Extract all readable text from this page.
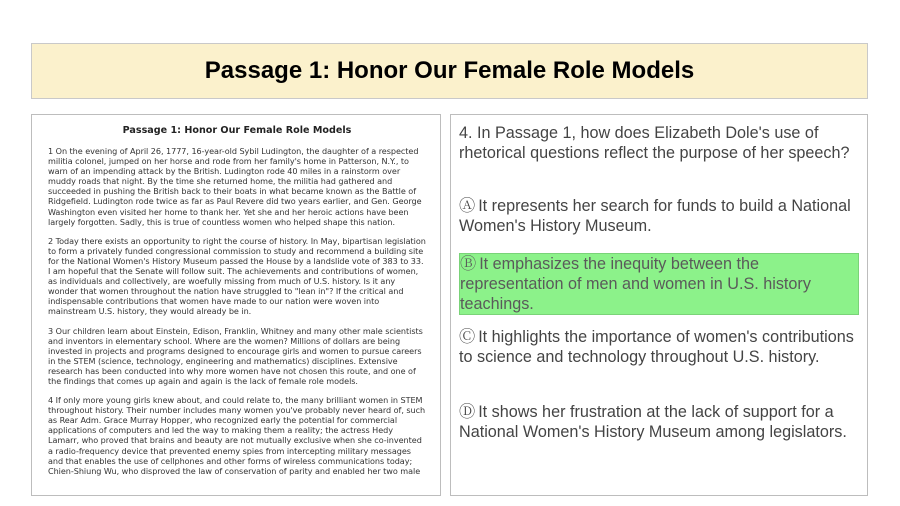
Passage 1: Honor Our Female Role Models
Passage 1: Honor Our Female Role Models

1 On the evening of April 26, 1777, 16-year-old Sybil Ludington, the daughter of a respected militia colonel, jumped on her horse and rode from her family's home in Patterson, N.Y., to warn of an impending attack by the British. Ludington rode 40 miles in a rainstorm over muddy roads that night. By the time she returned home, the militia had gathered and succeeded in pushing the British back to their boats in what became known as the Battle of Ridgefield. Ludington rode twice as far as Paul Revere did two years earlier, and Gen. George Washington even visited her home to thank her. Yet she and her heroic actions have been largely forgotten. Sadly, this is true of countless women who helped shape this nation.

2 Today there exists an opportunity to right the course of history. In May, bipartisan legislation to form a privately funded congressional commission to study and recommend a building site for the National Women's History Museum passed the House by a landslide vote of 383 to 33. I am hopeful that the Senate will follow suit. The achievements and contributions of women, as individuals and collectively, are woefully missing from much of U.S. history. Is it any wonder that women throughout the nation have struggled to "lean in"? If the critical and indispensable contributions that women have made to our nation were woven into mainstream U.S. history, they would already be in.

3 Our children learn about Einstein, Edison, Franklin, Whitney and many other male scientists and inventors in elementary school. Where are the women? Millions of dollars are being invested in projects and programs designed to encourage girls and women to pursue careers in the STEM (science, technology, engineering and mathematics) disciplines. Extensive research has been conducted into why more women have not chosen this route, and one of the findings that comes up again and again is the lack of female role models.

4 If only more young girls knew about, and could relate to, the many brilliant women in STEM throughout history. Their number includes many women you've probably never heard of, such as Rear Adm. Grace Murray Hopper, who recognized early the potential for commercial applications of computers and led the way to making them a reality; the actress Hedy Lamarr, who proved that brains and beauty are not mutually exclusive when she co-invented a radio-frequency device that prevented enemy spies from intercepting military messages and that enables the use of cellphones and other forms of wireless communications today; Chien-Shiung Wu, who disproved the law of conservation of parity and enabled her two male

4. In Passage 1, how does Elizabeth Dole's use of rhetorical questions reflect the purpose of her speech?
Ⓐ It represents her search for funds to build a National Women's History Museum.
Ⓑ It emphasizes the inequity between the representation of men and women in U.S. history teachings.
Ⓒ It highlights the importance of women's contributions to science and technology throughout U.S. history.
Ⓓ It shows her frustration at the lack of support for a National Women's History Museum among legislators.
